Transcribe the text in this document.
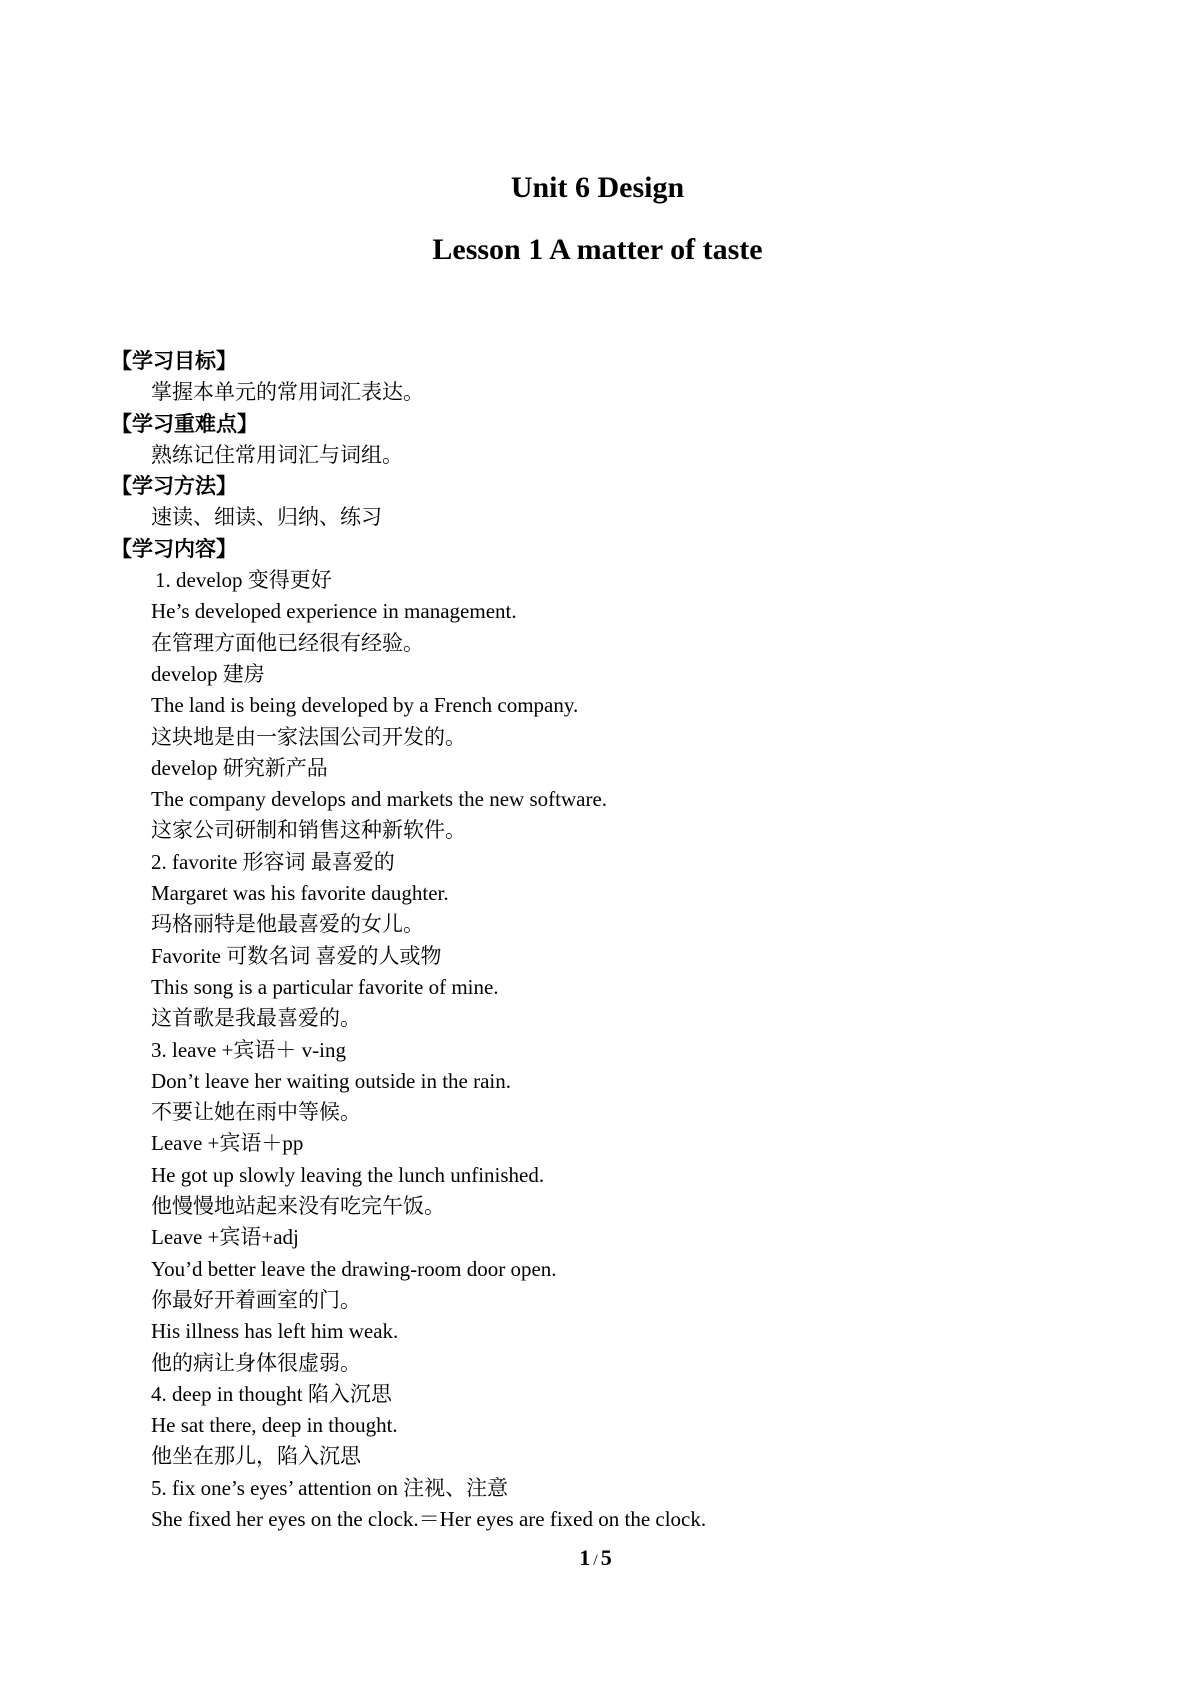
Unit 6 Design
Lesson 1 A matter of taste
【学习目标】
掌握本单元的常用词汇表达。
【学习重难点】
熟练记住常用词汇与词组。
【学习方法】
速读、细读、归纳、练习
【学习内容】
1. develop 变得更好
He’s developed experience in management.
在管理方面他已经很有经验。
develop 建房
The land is being developed by a French company.
这块地是由一家法国公司开发的。
develop 研究新产品
The company develops and markets the new software.
这家公司研制和销售这种新软件。
2. favorite 形容词 最喜爱的
Margaret was his favorite daughter.
玛格丽特是他最喜爱的女儿。
Favorite 可数名词 喜爱的人或物
This song is a particular favorite of mine.
这首歌是我最喜爱的。
3. leave +宾语＋ v-ing
Don’t leave her waiting outside in the rain.
不要让她在雨中等候。
Leave +宾语＋pp
He got up slowly leaving the lunch unfinished.
他慢慢地站起来没有吃完午饭。
Leave +宾语+adj
You’d better leave the drawing-room door open.
你最好开着画室的门。
His illness has left him weak.
他的病让身体很虚弱。
4. deep in thought 陷入沉思
He sat there, deep in thought.
他坐在那儿，陷入沉思
5. fix one’s eyes’ attention on 注视、注意
She fixed her eyes on the clock.＝Her eyes are fixed on the clock.
1 / 5
